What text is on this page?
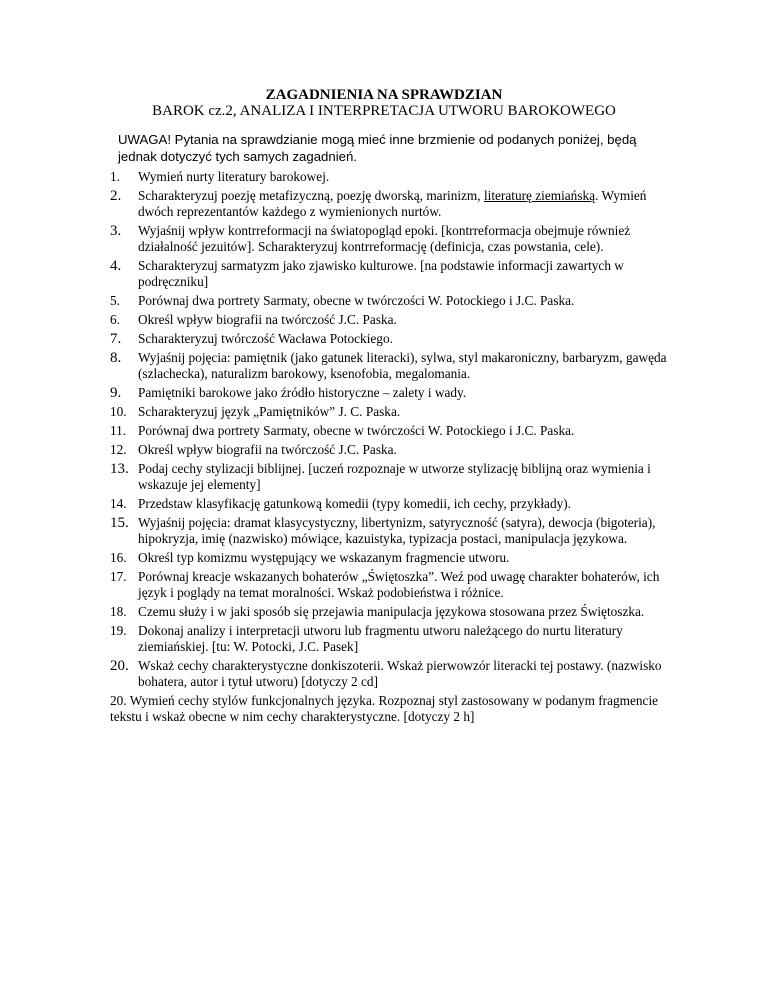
ZAGADNIENIA NA SPRAWDZIAN
BAROK cz.2, ANALIZA I INTERPRETACJA UTWORU BAROKOWEGO
UWAGA! Pytania na sprawdzianie mogą mieć inne brzmienie od podanych poniżej, będą jednak dotyczyć tych samych zagadnień.
1.	Wymień nurty literatury barokowej.
2.	Scharakteryzuj poezję metafizyczną, poezję dworską, marinizm, literaturę ziemiańską. Wymień dwóch reprezentantów każdego z wymienionych nurtów.
3.	Wyjaśnij wpływ kontrreformacji na światopogląd epoki. [kontrreformacja obejmuje również działalność jezuitów]. Scharakteryzuj kontrreformację (definicja, czas powstania, cele).
4.	Scharakteryzuj sarmatyzm jako zjawisko kulturowe. [na podstawie informacji zawartych w podręczniku]
5.	Porównaj dwa portrety Sarmaty, obecne w twórczości W. Potockiego i J.C. Paska.
6.	Określ wpływ biografii na twórczość J.C. Paska.
7.	Scharakteryzuj twórczość Wacława Potockiego.
8.	Wyjaśnij pojęcia: pamiętnik (jako gatunek literacki), sylwa, styl makaroniczny, barbaryzm, gawęda (szlachecka), naturalizm barokowy, ksenofobia, megalomania.
9.	Pamiętniki barokowe jako źródło historyczne – zalety i wady.
10. Scharakteryzuj język „Pamiętników” J. C. Paska.
11. Porównaj dwa portrety Sarmaty, obecne w twórczości W. Potockiego i J.C. Paska.
12. Określ wpływ biografii na twórczość J.C. Paska.
13. Podaj cechy stylizacji biblijnej. [uczeń rozpoznaje w utworze stylizację biblijną oraz wymienia i wskazuje jej elementy]
14. Przedstaw klasyfikację gatunkową komedii (typy komedii, ich cechy, przykłady).
15. Wyjaśnij pojęcia: dramat klasycystyczny, libertynizm, satyryczność (satyra), dewocja (bigoteria), hipokryzja, imię (nazwisko) mówiące, kazuistyka, typizacja postaci, manipulacja językowa.
16. Określ typ komizmu występujący we wskazanym fragmencie utworu.
17. Porównaj kreacje wskazanych bohaterów „Świętoszka”. Weź pod uwagę charakter bohaterów, ich język i poglądy na temat moralności. Wskaż podobieństwa i różnice.
18. Czemu służy i w jaki sposób się przejawia manipulacja językowa stosowana przez Świętoszka.
19. Dokonaj analizy i interpretacji utworu lub fragmentu utworu należącego do nurtu literatury ziemiańskiej. [tu: W. Potocki, J.C. Pasek]
20. Wskaż cechy charakterystyczne donkiszoterii. Wskaż pierwowzór literacki tej postawy. (nazwisko bohatera, autor i tytuł utworu) [dotyczy 2 cd]
20. Wymień cechy stylów funkcjonalnych języka. Rozpoznaj styl zastosowany w podanym fragmencie tekstu i wskaż obecne w nim cechy charakterystyczne. [dotyczy 2 h]
